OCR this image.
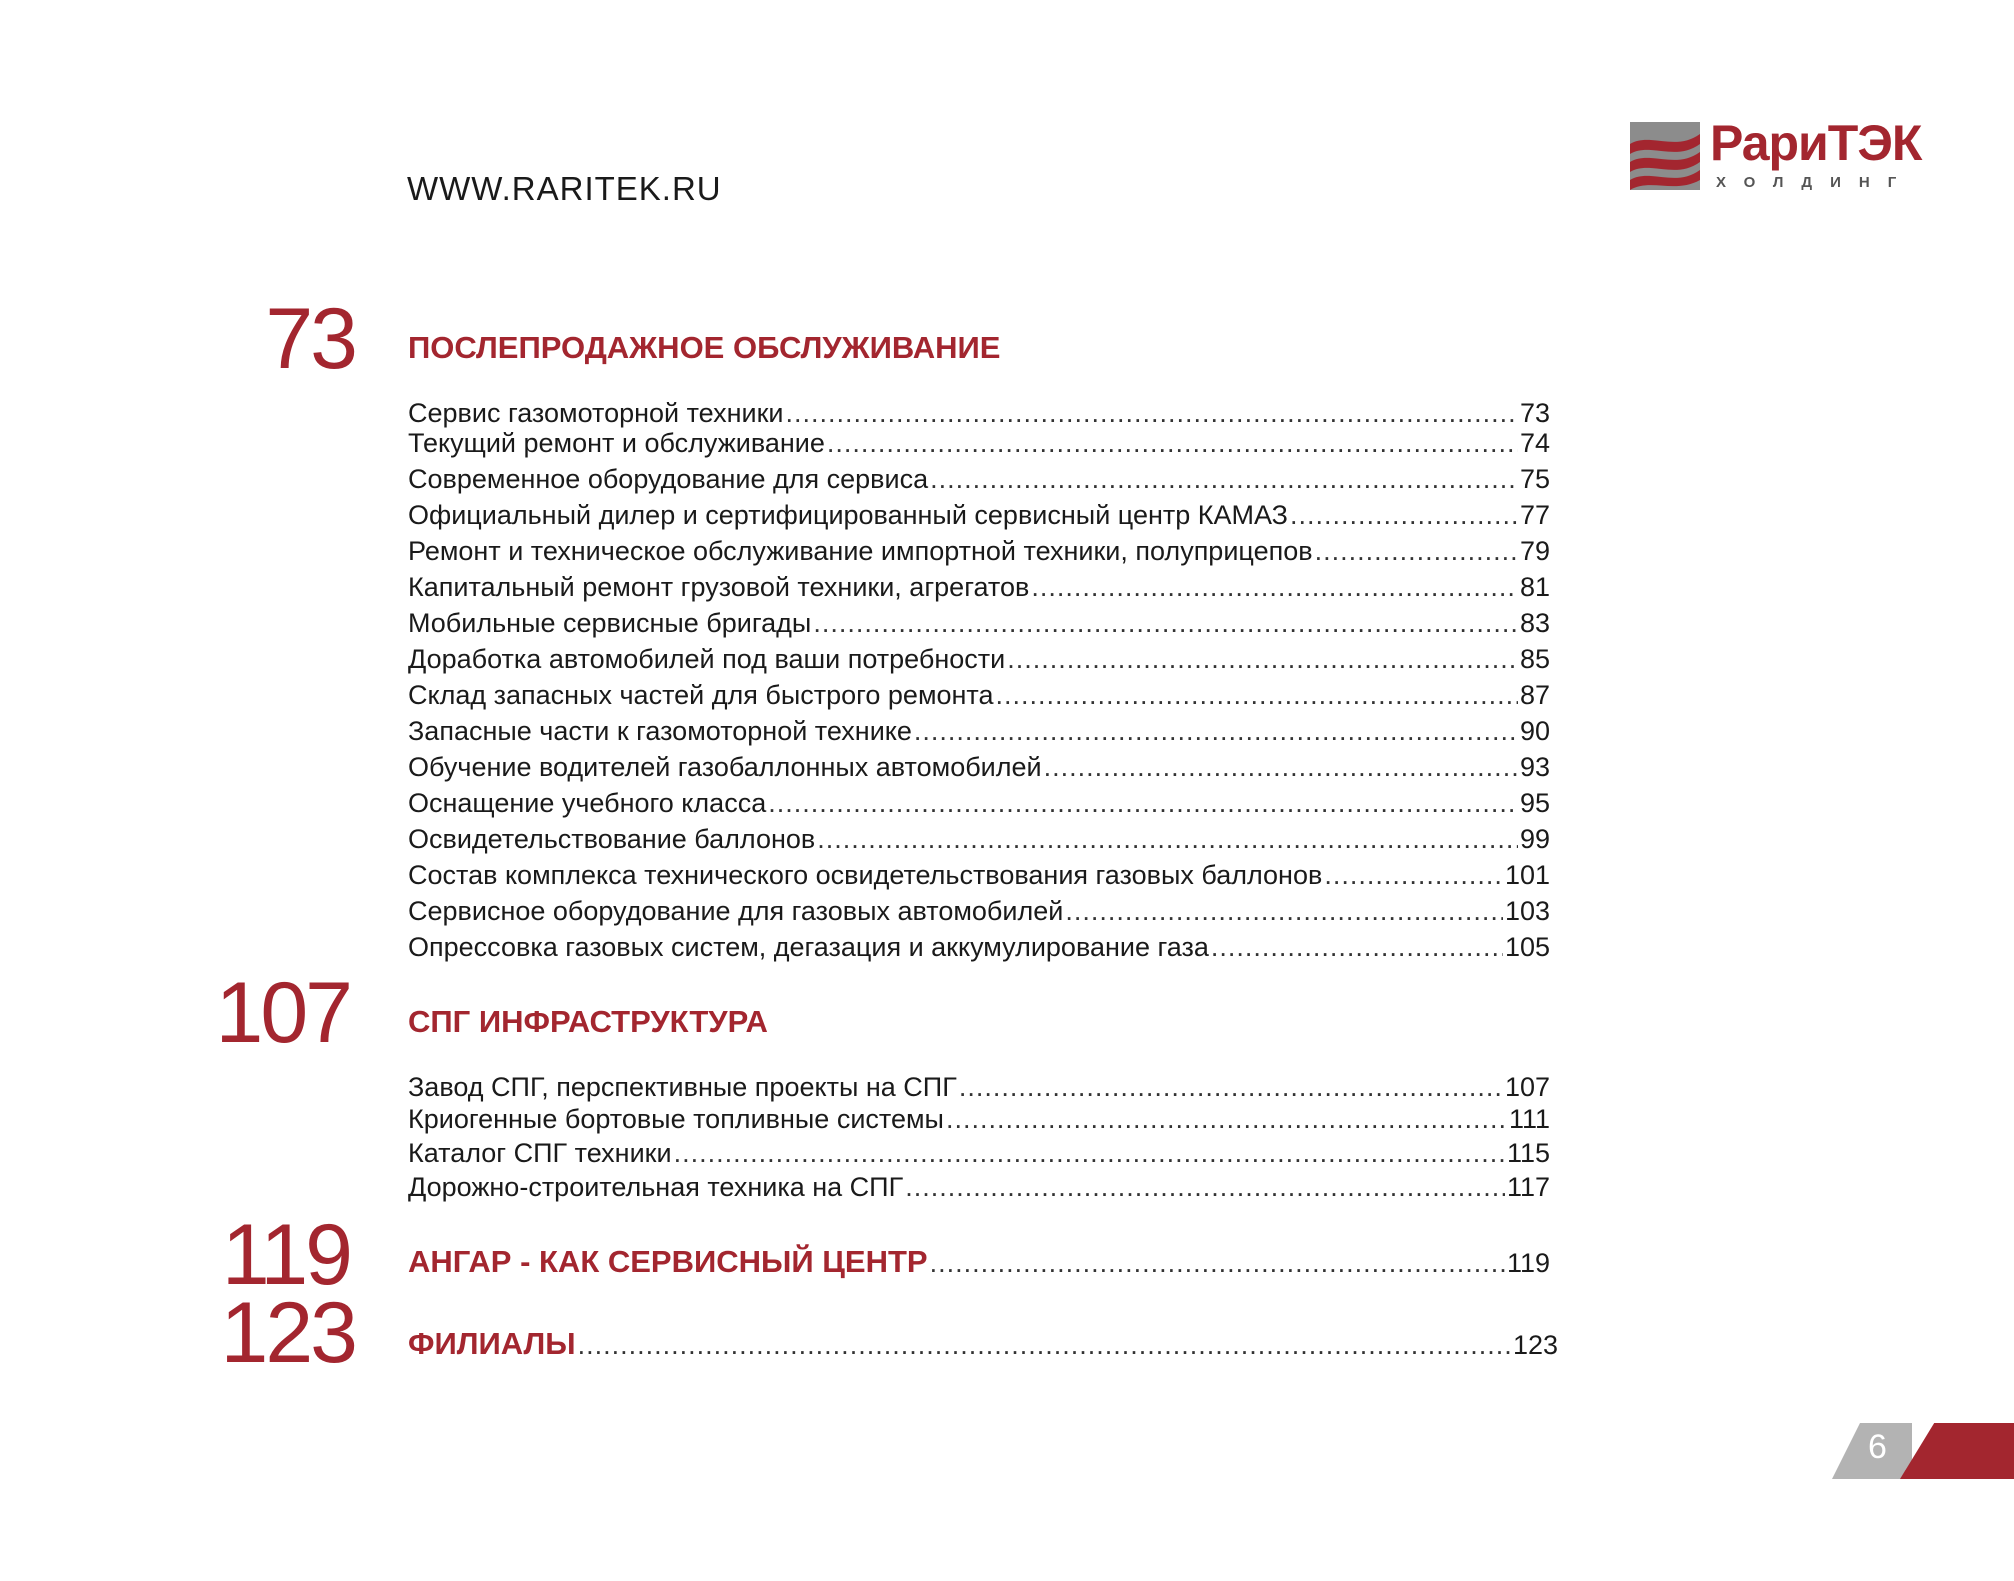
WWW.RARITEK.RU
РариТЭК
ХОЛДИНГ
73 ПОСЛЕПРОДАЖНОЕ ОБСЛУЖИВАНИЕ
Сервис газомоторной техники .....	73
Текущий ремонт и обслуживание .....	74
Современное оборудование для сервиса .....	75
Официальный дилер и сертифицированный сервисный центр КАМАЗ .....	77
Ремонт и техническое обслуживание импортной техники, полуприцепов .....	79
Капитальный ремонт грузовой техники, агрегатов .....	81
Мобильные сервисные бригады .....	83
Доработка автомобилей под ваши потребности .....	85
Склад запасных частей для быстрого ремонта .....	87
Запасные части к газомоторной технике .....	90
Обучение водителей газобаллонных автомобилей .....	93
Оснащение учебного класса .....	95
Освидетельствование баллонов .....	99
Состав комплекса технического освидетельствования газовых баллонов .....	101
Сервисное оборудование для газовых автомобилей .....	103
Опрессовка газовых систем, дегазация и аккумулирование газа .....	105
107 СПГ ИНФРАСТРУКТУРА
Завод СПГ, перспективные проекты на СПГ .....	107
Криогенные бортовые топливные системы .....	111
Каталог СПГ техники .....	115
Дорожно-строительная техника на СПГ .....	117
119 АНГАР - КАК СЕРВИСНЫЙ ЦЕНТР .....	119
123 ФИЛИАЛЫ .....	123
6
